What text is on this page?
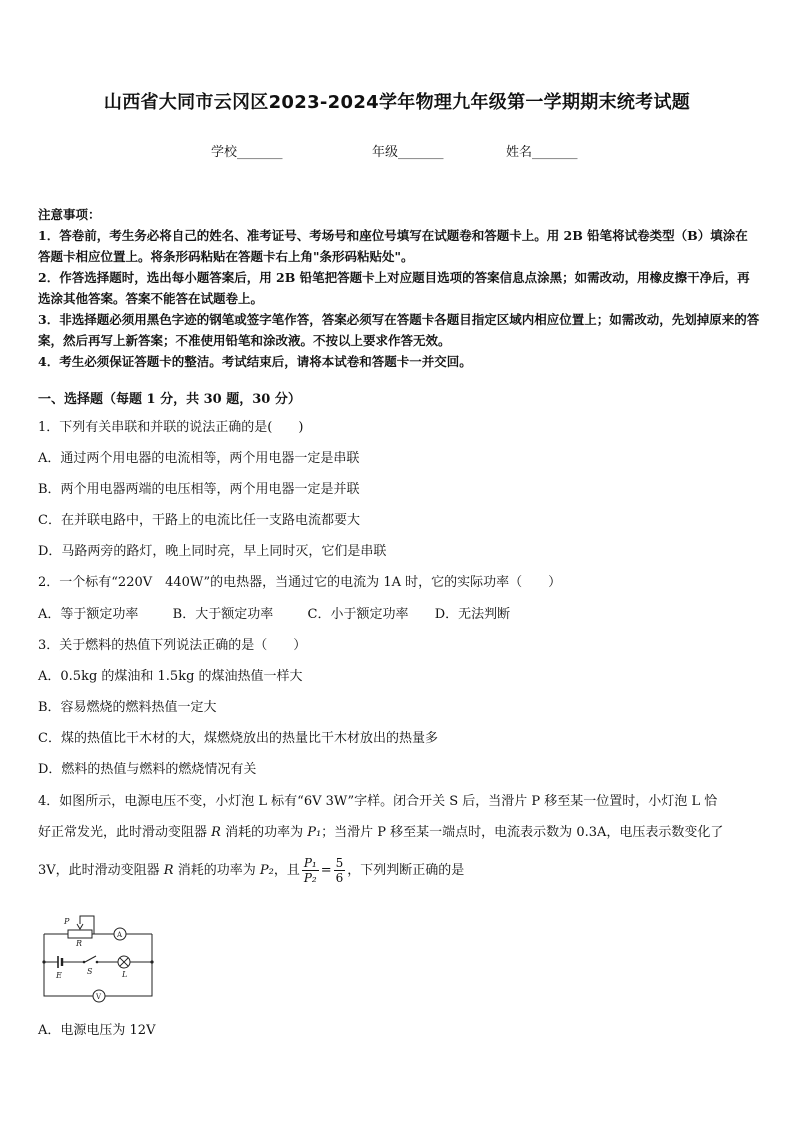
山西省大同市云冈区2023-2024学年物理九年级第一学期期末统考试题
学校_______	年级_______	姓名_______

注意事项：

1．答卷前，考生务必将自己的姓名、准考证号、考场号和座位号填写在试题卷和答题卡上。用 2B 铅笔将试卷类型（B）填涂在答题卡相应位置上。将条形码粘贴在答题卡右上角"条形码粘贴处"。

2．作答选择题时，选出每小题答案后，用 2B 铅笔把答题卡上对应题目选项的答案信息点涂黑；如需改动，用橡皮擦干净后，再选涂其他答案。答案不能答在试题卷上。

3．非选择题必须用黑色字迹的钢笔或签字笔作答，答案必须写在答题卡各题目指定区域内相应位置上；如需改动，先划掉原来的答案，然后再写上新答案；不准使用铅笔和涂改液。不按以上要求作答无效。

4．考生必须保证答题卡的整洁。考试结束后，请将本试卷和答题卡一并交回。

一、选择题（每题 1 分，共 30 题，30 分）
1．下列有关串联和并联的说法正确的是(　　)
A．通过两个用电器的电流相等，两个用电器一定是串联
B．两个用电器两端的电压相等，两个用电器一定是并联
C．在并联电路中，干路上的电流比任一支路电流都要大
D．马路两旁的路灯，晚上同时亮，早上同时灭，它们是串联
2．一个标有“220V　440W”的电热器，当通过它的电流为 1A 时，它的实际功率（　　）
A．等于额定功率	B．大于额定功率	C．小于额定功率 D．无法判断
3．关于燃料的热值下列说法正确的是（　　）
A．0.5kg 的煤油和 1.5kg 的煤油热值一样大
B．容易燃烧的燃料热值一定大
C．煤的热值比干木材的大，煤燃烧放出的热量比干木材放出的热量多
D．燃料的热值与燃料的燃烧情况有关
4．如图所示，电源电压不变，小灯泡 L 标有“6V 3W”字样。闭合开关 S 后，当滑片 P 移至某一位置时，小灯泡 L 恰
好正常发光，此时滑动变阻器 R 消耗的功率为 P₁；当滑片 P 移至某一端点时，电流表示数为 0.3A，电压表示数变化了
3V，此时滑动变阻器 R 消耗的功率为 P₂，且 $\frac{\text{P₁}}{\text{P₂}} = \frac{5}{6}$ ，下列判断正确的是
P
R
A
E	S	L
V
A．电源电压为 12V
